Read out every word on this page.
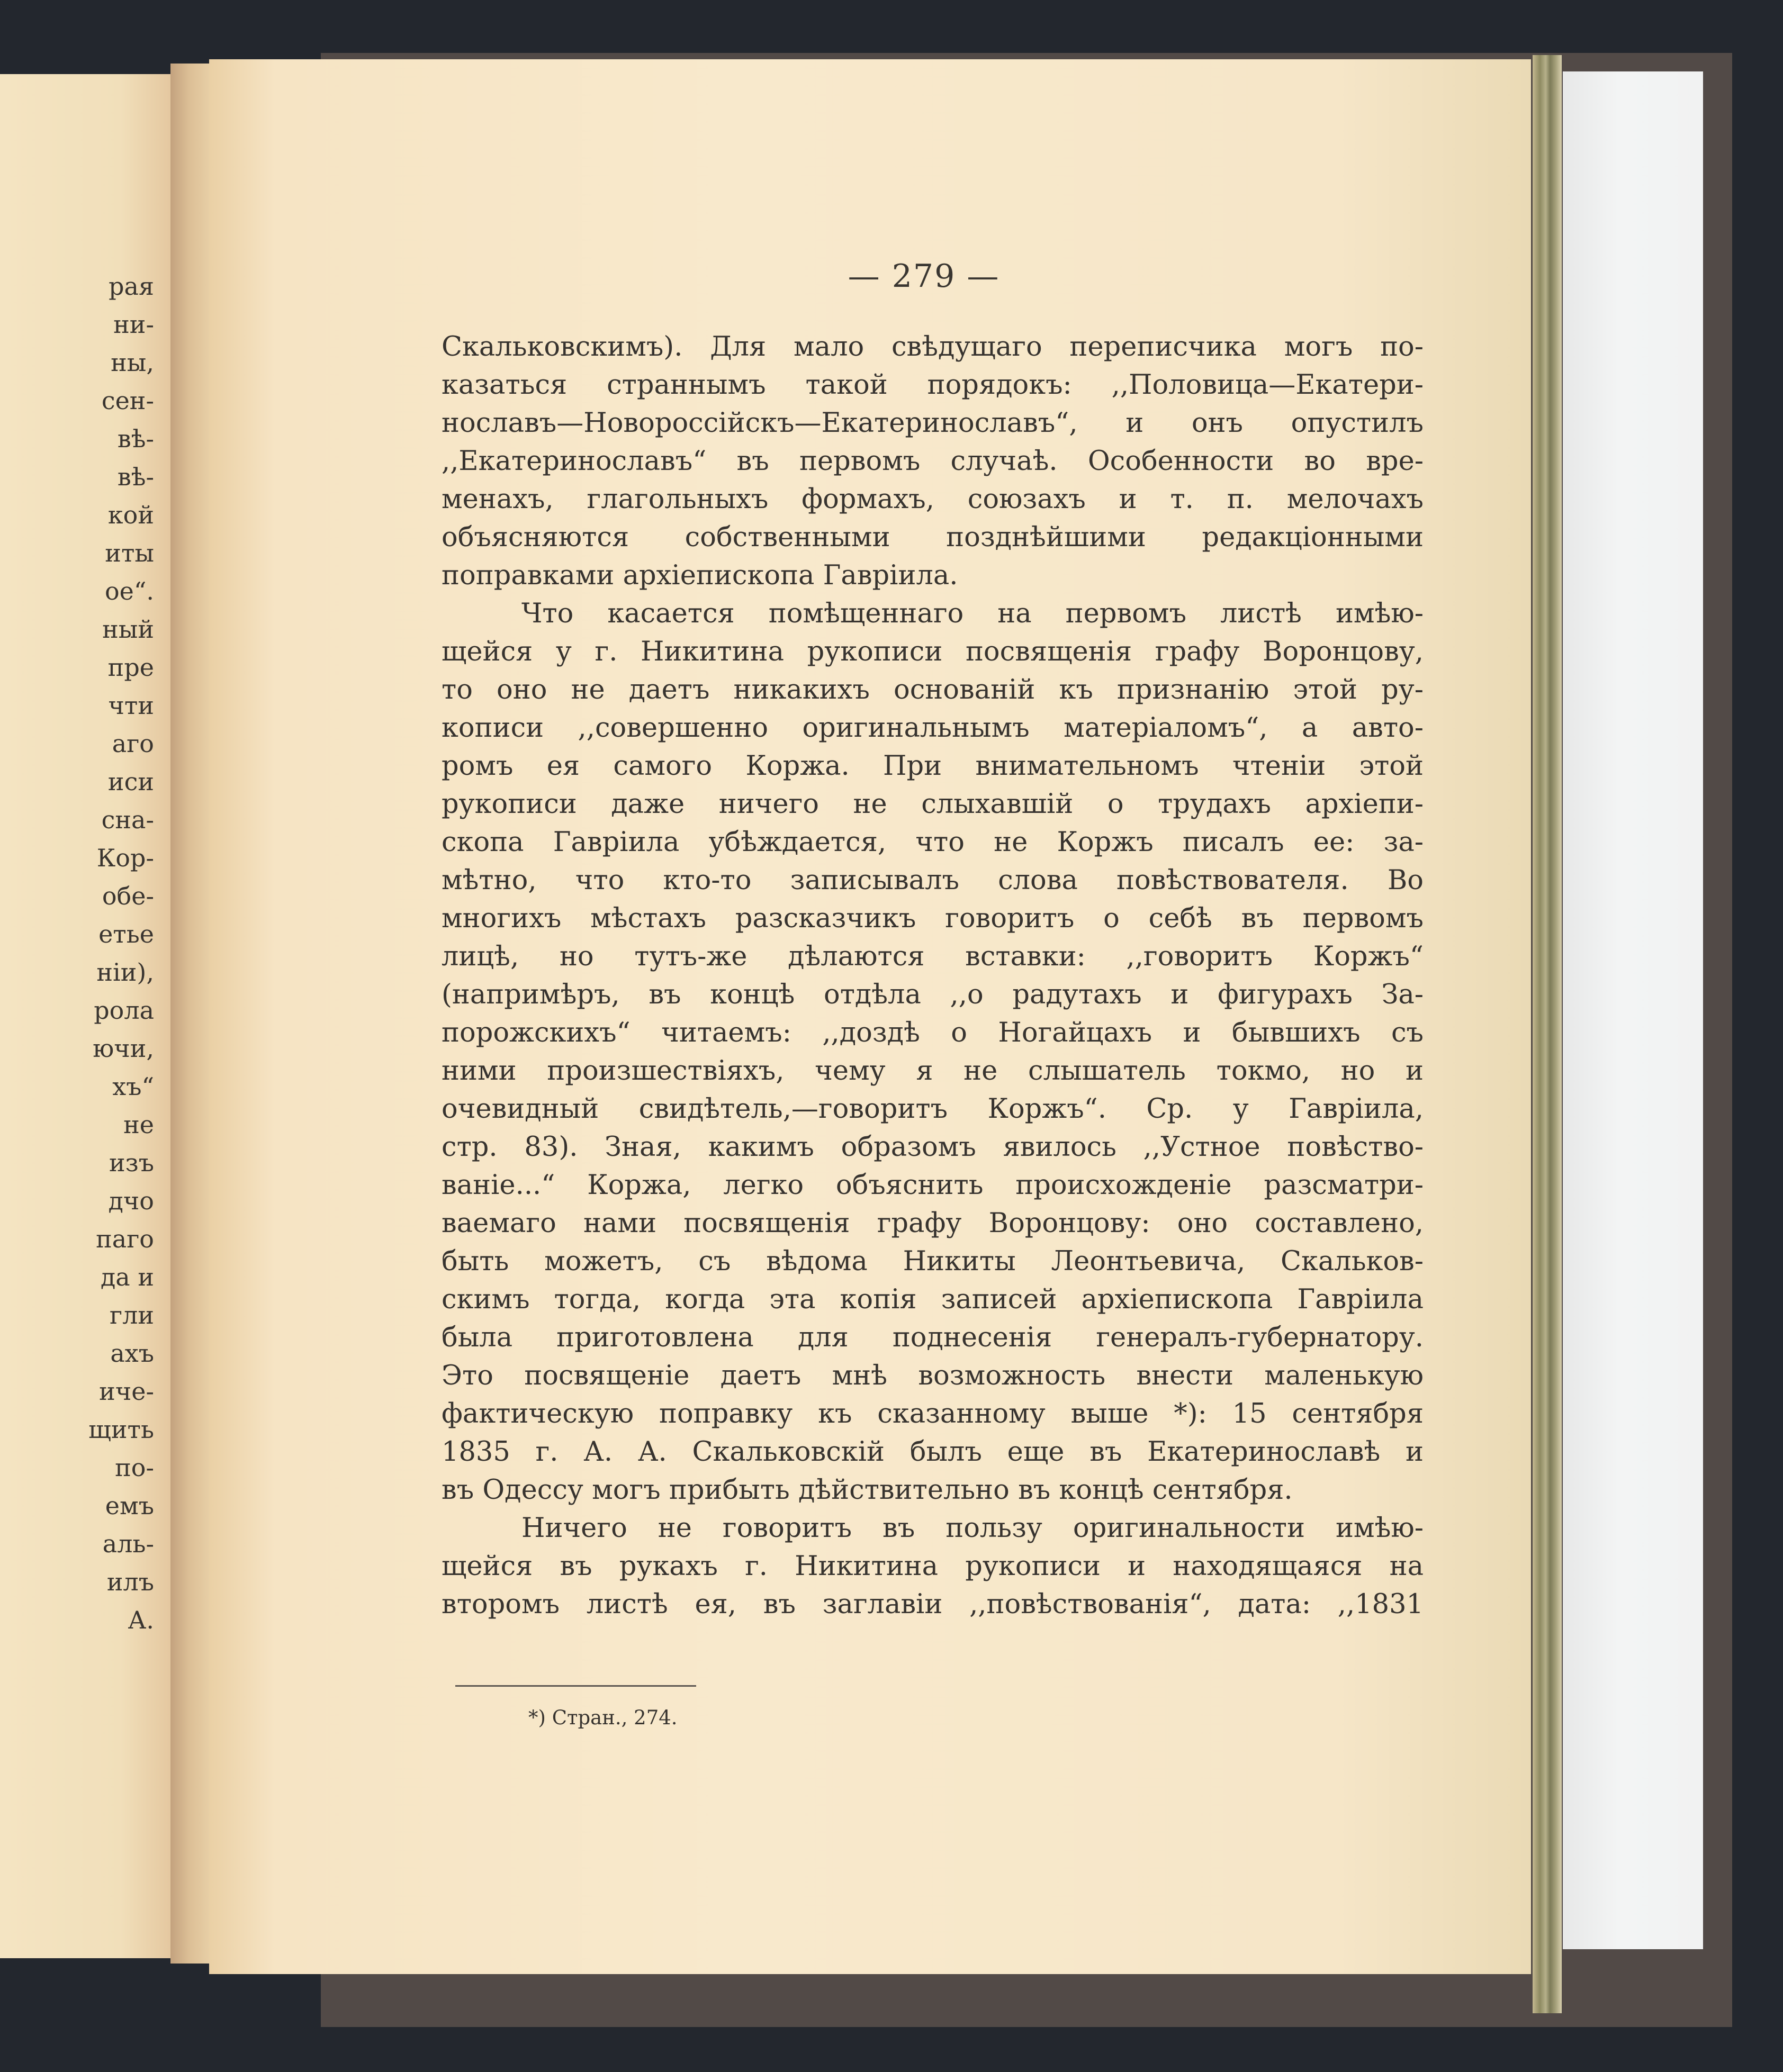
рая
ни-
ны,
сен-
вѣ-
вѣ-
кой
иты
ое“.
ный
пре
чти
аго
иси
сна-
Кор-
обе-
етье
ніи),
рола
ючи,
хъ“
не
изъ
дчо
паго
да и
гли
ахъ
иче-
щить
по-
емъ
аль-
илъ
А.
— 279 —
Скальковскимъ). Для мало свѣдущаго переписчика могъ по-
казаться страннымъ такой порядокъ: ,,Половица—Екатери-
нославъ—Новороссійскъ—Екатеринославъ“, и онъ опустилъ
,,Екатеринославъ“ въ первомъ случаѣ. Особенности во вре-
менахъ, глагольныхъ формахъ, союзахъ и т. п. мелочахъ
объясняются собственными позднѣйшими редакціонными
поправками архіепископа Гавріила.
Что касается помѣщеннаго на первомъ листѣ имѣю-
щейся у г. Никитина рукописи посвященія графу Воронцову,
то оно не даетъ никакихъ основаній къ признанію этой ру-
кописи ,,совершенно оригинальнымъ матеріаломъ“, а авто-
ромъ ея самого Коржа. При внимательномъ чтеніи этой
рукописи даже ничего не слыхавшій о трудахъ архіепи-
скопа Гавріила убѣждается, что не Коржъ писалъ ее: за-
мѣтно, что кто-то записывалъ слова повѣствователя. Во
многихъ мѣстахъ разсказчикъ говоритъ о себѣ въ первомъ
лицѣ, но тутъ-же дѣлаются вставки: ,,говоритъ Коржъ“
(напримѣръ, въ концѣ отдѣла ,,о радутахъ и фигурахъ За-
порожскихъ“ читаемъ: ,,доздѣ о Ногайцахъ и бывшихъ съ
ними произшествіяхъ, чему я не слышатель токмо, но и
очевидный свидѣтель,—говоритъ Коржъ“. Ср. у Гавріила,
стр. 83). Зная, какимъ образомъ явилось ,,Устное повѣство-
ваніе...“ Коржа, легко объяснить происхожденіе разсматри-
ваемаго нами посвященія графу Воронцову: оно составлено,
быть можетъ, съ вѣдома Никиты Леонтьевича, Скальков-
скимъ тогда, когда эта копія записей архіепископа Гавріила
была приготовлена для поднесенія генералъ-губернатору.
Это посвященіе даетъ мнѣ возможность внести маленькую
фактическую поправку къ сказанному выше *): 15 сентября
1835 г. А. А. Скальковскій былъ еще въ Екатеринославѣ и
въ Одессу могъ прибыть дѣйствительно въ концѣ сентября.
Ничего не говоритъ въ пользу оригинальности имѣю-
щейся въ рукахъ г. Никитина рукописи и находящаяся на
второмъ листѣ ея, въ заглавіи ,,повѣствованія“, дата: ,,1831
*) Стран., 274.
